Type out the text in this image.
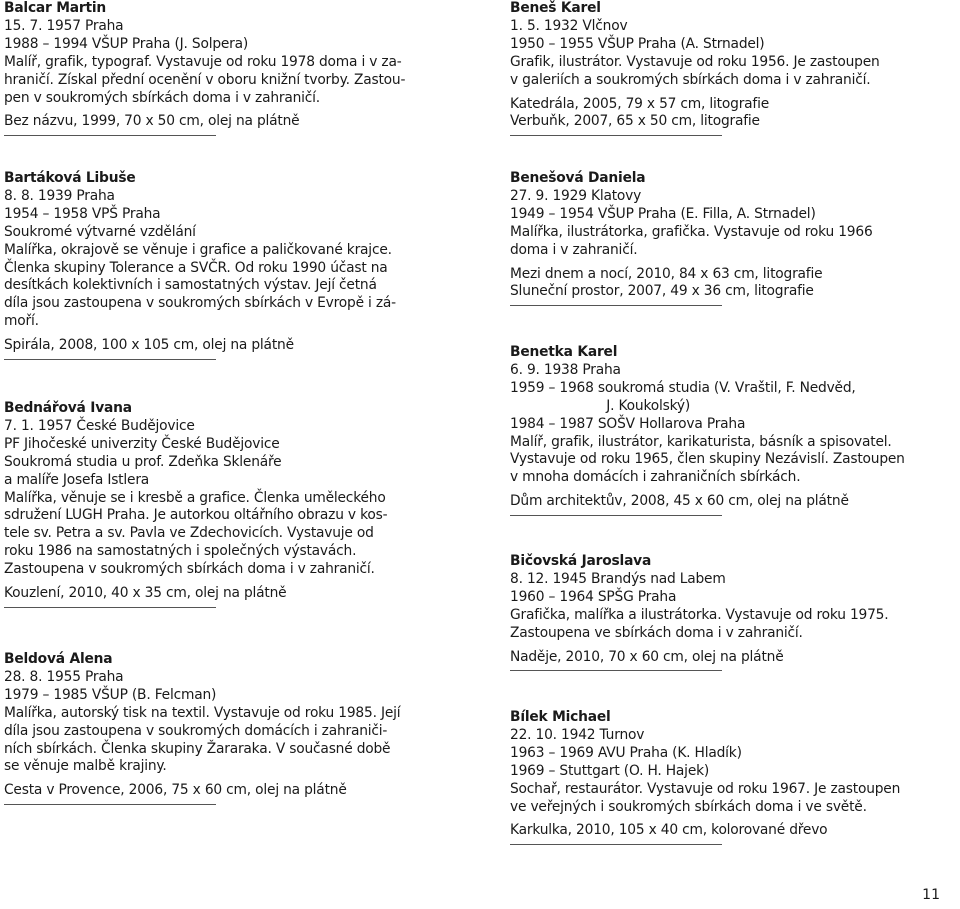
Balcar Martin
15. 7. 1957 Praha
1988 – 1994 VŠUP Praha (J. Solpera)
Malíř, grafik, typograf. Vystavuje od roku 1978 doma i v za-
hraničí. Získal přední ocenění v oboru knižní tvorby. Zastou-
pen v soukromých sbírkách doma i v zahraničí.
Bez názvu, 1999, 70 x 50 cm, olej na plátně
Bartáková Libuše
8. 8. 1939 Praha
1954 – 1958 VPŠ Praha
Soukromé výtvarné vzdělání
Malířka, okrajově se věnuje i grafice a paličkované krajce.
Členka skupiny Tolerance a SVČR. Od roku 1990 účast na
desítkách kolektivních i samostatných výstav. Její četná
díla jsou zastoupena v soukromých sbírkách v Evropě i zá-
moří.
Spirála, 2008, 100 x 105 cm, olej na plátně
Bednářová Ivana
7. 1. 1957 České Budějovice
PF Jihočeské univerzity České Budějovice
Soukromá studia u prof. Zdeňka Sklenáře
a malíře Josefa Istlera
Malířka, věnuje se i kresbě a grafice. Členka uměleckého
sdružení LUGH Praha. Je autorkou oltářního obrazu v kos-
tele sv. Petra a sv. Pavla ve Zdechovicích. Vystavuje od
roku 1986 na samostatných i společných výstavách.
Zastoupena v soukromých sbírkách doma i v zahraničí.
Kouzlení, 2010, 40 x 35 cm, olej na plátně
Beldová Alena
28. 8. 1955 Praha
1979 – 1985 VŠUP (B. Felcman)
Malířka, autorský tisk na textil. Vystavuje od roku 1985. Její
díla jsou zastoupena v soukromých domácích i zahraniči-
ních sbírkách. Členka skupiny Žararaka. V současné době
se věnuje malbě krajiny.
Cesta v Provence, 2006, 75 x 60 cm, olej na plátně
Beneš Karel
1. 5. 1932 Vlčnov
1950 – 1955 VŠUP Praha (A. Strnadel)
Grafik, ilustrátor. Vystavuje od roku 1956. Je zastoupen
v galeriích a soukromých sbírkách doma i v zahraničí.
Katedrála, 2005, 79 x 57 cm, litografie
Verbuňk, 2007, 65 x 50 cm, litografie
Benešová Daniela
27. 9. 1929 Klatovy
1949 – 1954 VŠUP Praha (E. Filla, A. Strnadel)
Malířka, ilustrátorka, grafička. Vystavuje od roku 1966
doma i v zahraničí.
Mezi dnem a nocí, 2010, 84 x 63 cm, litografie
Sluneční prostor, 2007, 49 x 36 cm, litografie
Benetka Karel
6. 9. 1938 Praha
1959 – 1968 soukromá studia (V. Vraštil, F. Nedvěd,
J. Koukolský)
1984 – 1987 SOŠV Hollarova Praha
Malíř, grafik, ilustrátor, karikaturista, básník a spisovatel.
Vystavuje od roku 1965, člen skupiny Nezávislí. Zastoupen
v mnoha domácích i zahraničních sbírkách.
Dům architektův, 2008, 45 x 60 cm, olej na plátně
Bičovská Jaroslava
8. 12. 1945 Brandýs nad Labem
1960 – 1964 SPŠG Praha
Grafička, malířka a ilustrátorka. Vystavuje od roku 1975.
Zastoupena ve sbírkách doma i v zahraničí.
Naděje, 2010, 70 x 60 cm, olej na plátně
Bílek Michael
22. 10. 1942 Turnov
1963 – 1969 AVU Praha (K. Hladík)
1969 – Stuttgart (O. H. Hajek)
Sochař, restaurátor. Vystavuje od roku 1967. Je zastoupen
ve veřejných i soukromých sbírkách doma i ve světě.
Karkulka, 2010, 105 x 40 cm, kolorované dřevo
11
